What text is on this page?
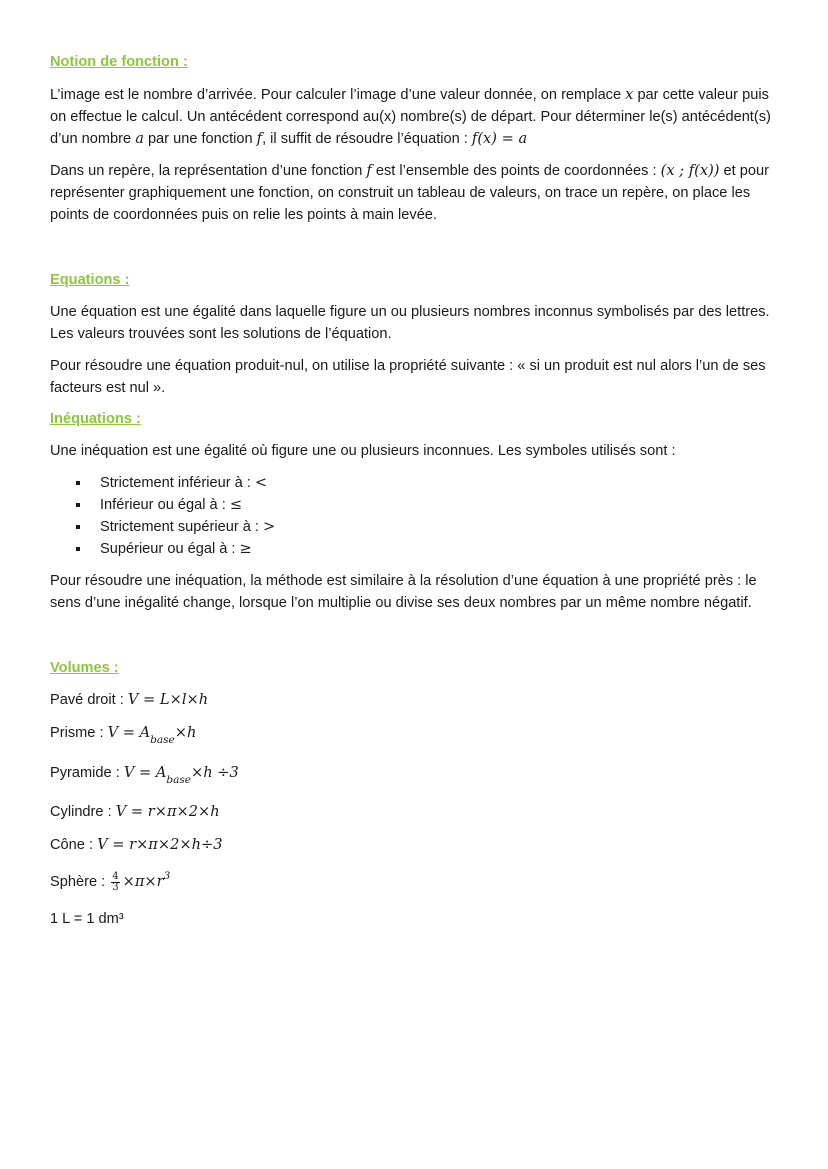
Notion de fonction :

L’image est le nombre d’arrivée. Pour calculer l’image d’une valeur donnée, on remplace x par cette valeur puis on effectue le calcul. Un antécédent correspond au(x) nombre(s) de départ. Pour déterminer le(s) antécédent(s) d’un nombre a par une fonction f, il suffit de résoudre l’équation : f(x) = a

Dans un repère, la représentation d’une fonction f est l’ensemble des points de coordonnées : (x ; f(x)) et pour représenter graphiquement une fonction, on construit un tableau de valeurs, on trace un repère, on place les points de coordonnées puis on relie les points à main levée.

Equations :

Une équation est une égalité dans laquelle figure un ou plusieurs nombres inconnus symbolisés par des lettres. Les valeurs trouvées sont les solutions de l’équation.

Pour résoudre une équation produit-nul, on utilise la propriété suivante : « si un produit est nul alors l’un de ses facteurs est nul ».

Inéquations :

Une inéquation est une égalité où figure une ou plusieurs inconnues. Les symboles utilisés sont :

Strictement inférieur à : <
Inférieur ou égal à : ≤
Strictement supérieur à : >
Supérieur ou égal à : ≥

Pour résoudre une inéquation, la méthode est similaire à la résolution d’une équation à une propriété près : le sens d’une inégalité change, lorsque l’on multiplie ou divise ses deux nombres par un même nombre négatif.

Volumes :

Pavé droit : V = L×l×h

Prisme : $V = A_{base}\times h$

Pyramide : $V = A_{base}\times h \div 3$

Cylindre : V = r×π×2×h

Cône : V = r×π×2×h÷3

Sphère : $\frac{4}{3} \times\pi\times r^3$

1 L = 1 dm³
